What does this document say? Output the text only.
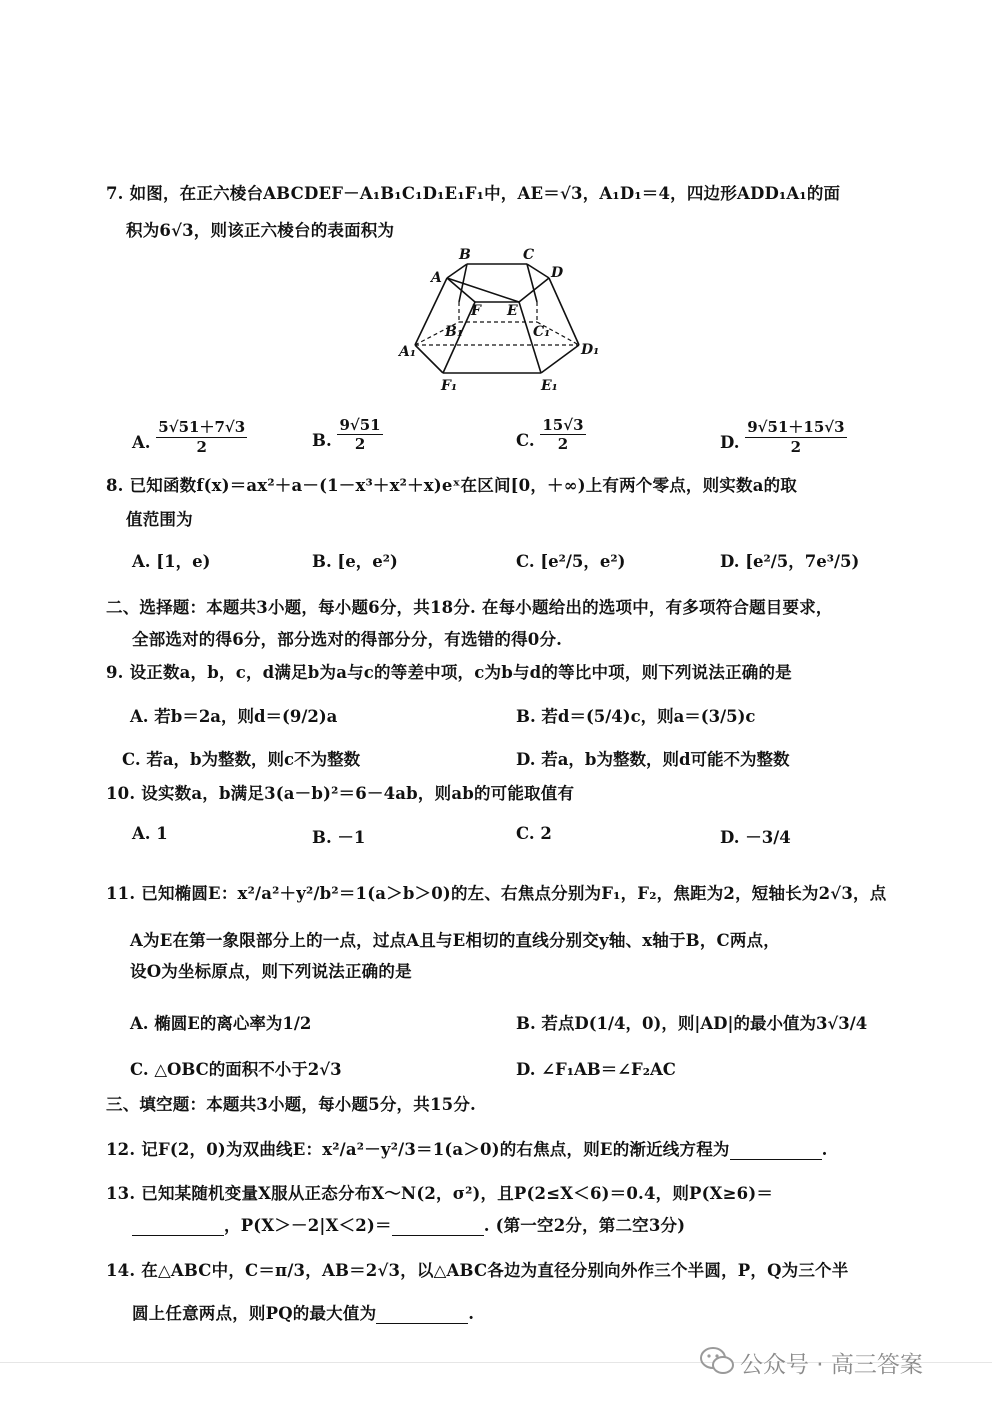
7. 如图，在正六棱台ABCDEF－A₁B₁C₁D₁E₁F₁中，AE＝√3，A₁D₁＝4，四边形ADD₁A₁的面
积为6√3，则该正六棱台的表面积为
A
B	C
D
E
F
A₁
B₁	C₁
D₁
E₁
F₁
A. $\frac{5√51+7√3}{2}$	B. $\frac{9√51}{2}$	C. $\frac{15√3}{2}$	D. $\frac{9√51+15√3}{2}$
8. 已知函数f(x)＝ax²＋a－(1－x³＋x²＋x)eˣ在区间[0，＋∞)上有两个零点，则实数a的取
值范围为
A. [1，e)	B. [e，e²)	C. [e²/5，e²)	D. [e²/5，7e³/5)
二、选择题：本题共3小题，每小题6分，共18分. 在每小题给出的选项中，有多项符合题目要求，
全部选对的得6分，部分选对的得部分分，有选错的得0分.
9. 设正数a，b，c，d满足b为a与c的等差中项，c为b与d的等比中项，则下列说法正确的是
A. 若b＝2a，则d＝(9/2)a	B. 若d＝(5/4)c，则a＝(3/5)c
C. 若a，b为整数，则c不为整数	D. 若a，b为整数，则d可能不为整数
10. 设实数a，b满足3(a－b)²＝6－4ab，则ab的可能取值有
A. 1	B. －1	C. 2	D. －3/4
11. 已知椭圆E：x²/a²＋y²/b²＝1(a＞b＞0)的左、右焦点分别为F₁，F₂，焦距为2，短轴长为2√3，点
A为E在第一象限部分上的一点，过点A且与E相切的直线分别交y轴、x轴于B，C两点，
设O为坐标原点，则下列说法正确的是
A. 椭圆E的离心率为1/2	B. 若点D(1/4，0)，则|AD|的最小值为3√3/4
C. △OBC的面积不小于2√3	D. ∠F₁AB＝∠F₂AC
三、填空题：本题共3小题，每小题5分，共15分.
12. 记F(2，0)为双曲线E：x²/a²－y²/3＝1(a＞0)的右焦点，则E的渐近线方程为	.
13. 已知某随机变量X服从正态分布X～N(2，σ²)，且P(2≤X＜6)＝0.4，则P(X≥6)＝
，P(X＞－2|X＜2)＝	. (第一空2分，第二空3分)
14. 在△ABC中，C＝π/3，AB＝2√3，以△ABC各边为直径分别向外作三个半圆，P，Q为三个半
圆上任意两点，则PQ的最大值为	.
公众号 · 高三答案
